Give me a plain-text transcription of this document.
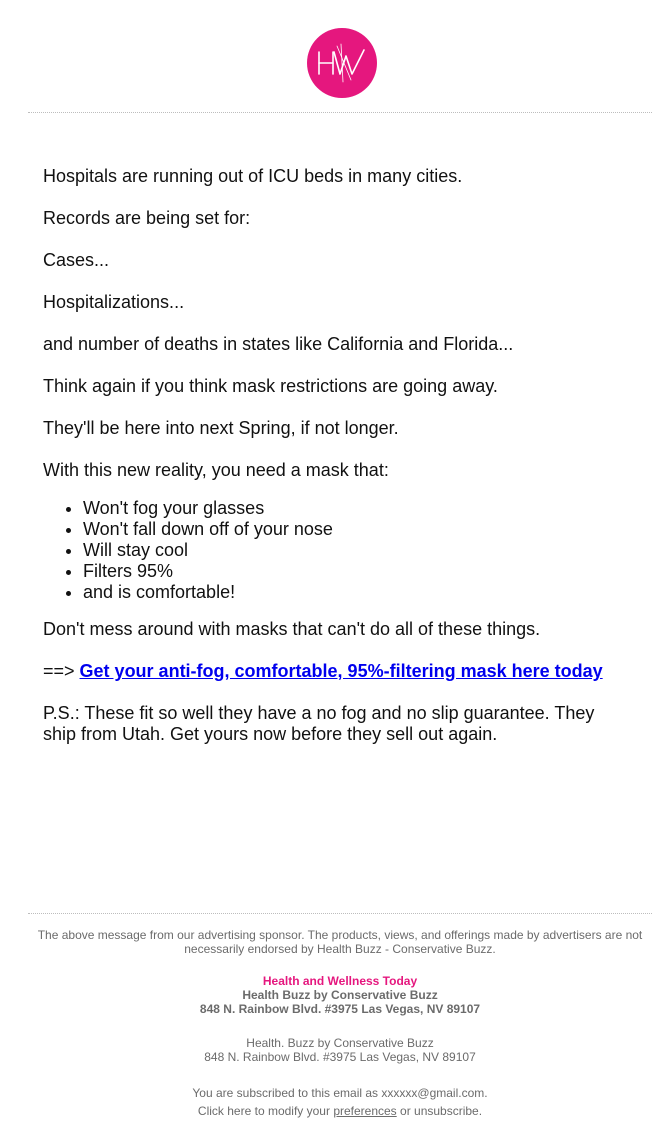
Hospitals are running out of ICU beds in many cities.

Records are being set for:

Cases...

Hospitalizations...

and number of deaths in states like California and Florida...

Think again if you think mask restrictions are going away.

They'll be here into next Spring, if not longer.

With this new reality, you need a mask that:

• Won't fog your glasses
• Won't fall down off of your nose
• Will stay cool
• Filters 95%
• and is comfortable!

Don't mess around with masks that can't do all of these things.

==> Get your anti-fog, comfortable, 95%-filtering mask here today

P.S.: These fit so well they have a no fog and no slip guarantee. They ship from Utah. Get yours now before they sell out again.

The above message from our advertising sponsor. The products, views, and offerings made by advertisers are not necessarily endorsed by Health Buzz - Conservative Buzz.

Health and Wellness Today

Health Buzz by Conservative Buzz

848 N. Rainbow Blvd. #3975 Las Vegas, NV 89107

Health. Buzz by Conservative Buzz

848 N. Rainbow Blvd. #3975 Las Vegas, NV 89107

You are subscribed to this email as xxxxxx@gmail.com.

Click here to modify your preferences or unsubscribe.
